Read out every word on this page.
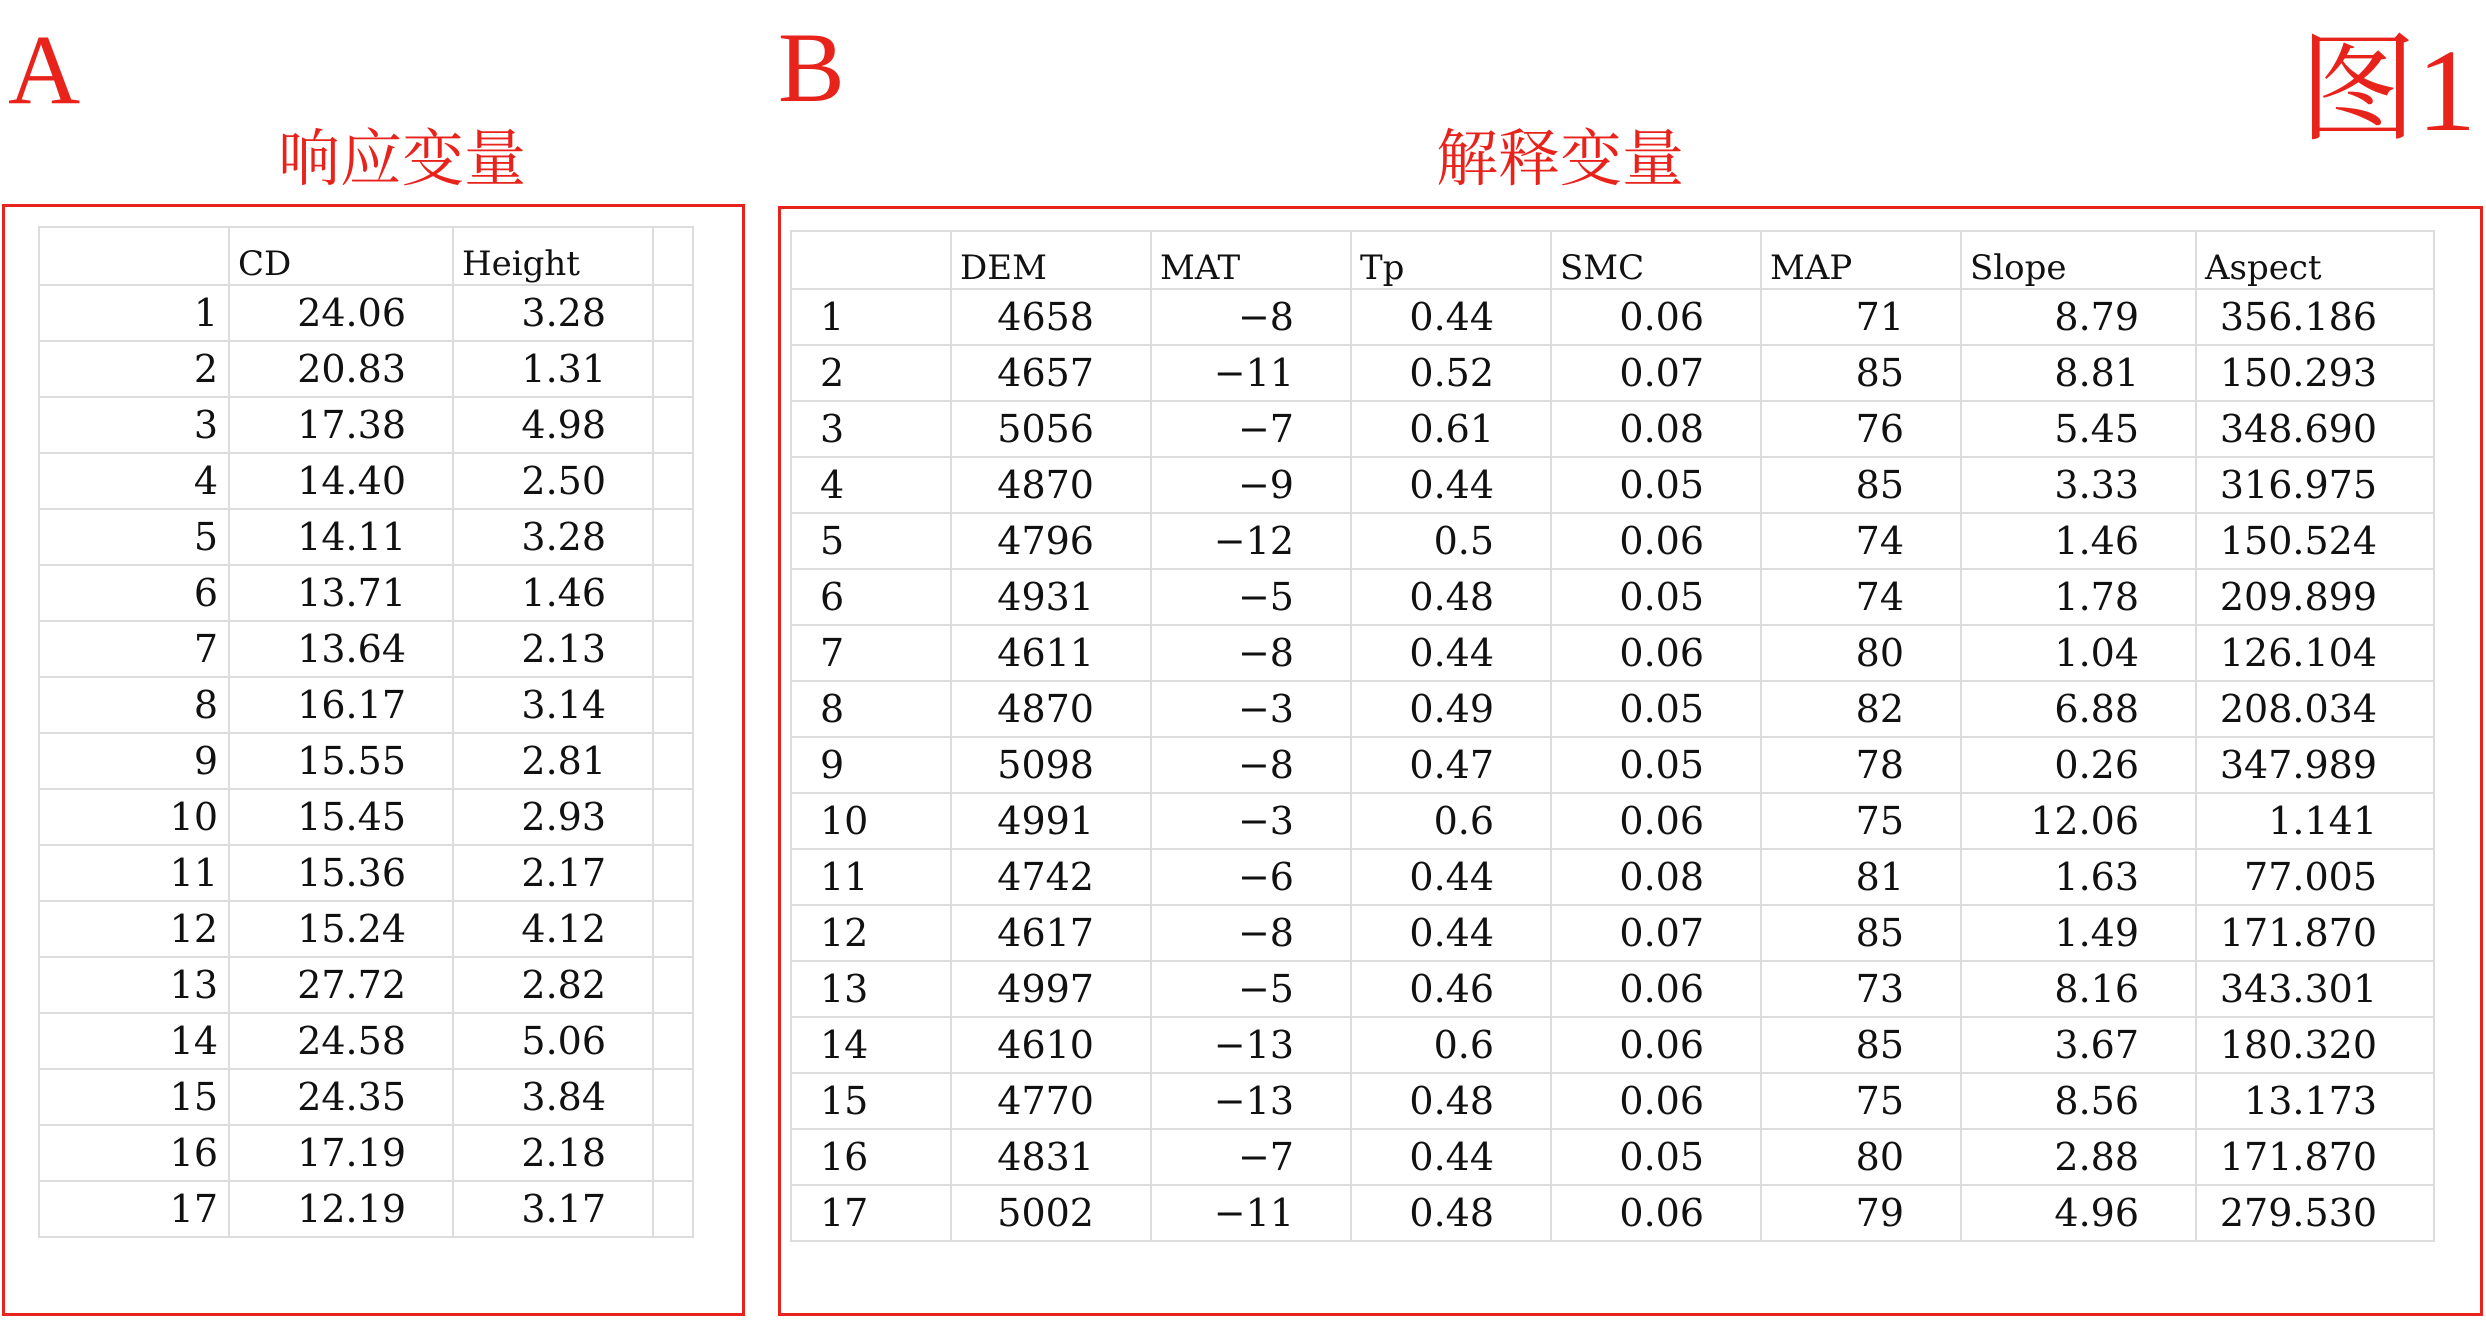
A
响应变量
B
解释变量
图1
	CD	Height	
1	24.06	3.28	
2	20.83	1.31	
3	17.38	4.98	
4	14.40	2.50	
5	14.11	3.28	
6	13.71	1.46	
7	13.64	2.13	
8	16.17	3.14	
9	15.55	2.81	
10	15.45	2.93	
11	15.36	2.17	
12	15.24	4.12	
13	27.72	2.82	
14	24.58	5.06	
15	24.35	3.84	
16	17.19	2.18	
17	12.19	3.17	
	DEM	MAT	Tp	SMC	MAP	Slope	Aspect
1	4658	−8	0.44	0.06	71	8.79	356.186
2	4657	−11	0.52	0.07	85	8.81	150.293
3	5056	−7	0.61	0.08	76	5.45	348.690
4	4870	−9	0.44	0.05	85	3.33	316.975
5	4796	−12	0.5	0.06	74	1.46	150.524
6	4931	−5	0.48	0.05	74	1.78	209.899
7	4611	−8	0.44	0.06	80	1.04	126.104
8	4870	−3	0.49	0.05	82	6.88	208.034
9	5098	−8	0.47	0.05	78	0.26	347.989
10	4991	−3	0.6	0.06	75	12.06	1.141
11	4742	−6	0.44	0.08	81	1.63	77.005
12	4617	−8	0.44	0.07	85	1.49	171.870
13	4997	−5	0.46	0.06	73	8.16	343.301
14	4610	−13	0.6	0.06	85	3.67	180.320
15	4770	−13	0.48	0.06	75	8.56	13.173
16	4831	−7	0.44	0.05	80	2.88	171.870
17	5002	−11	0.48	0.06	79	4.96	279.530
